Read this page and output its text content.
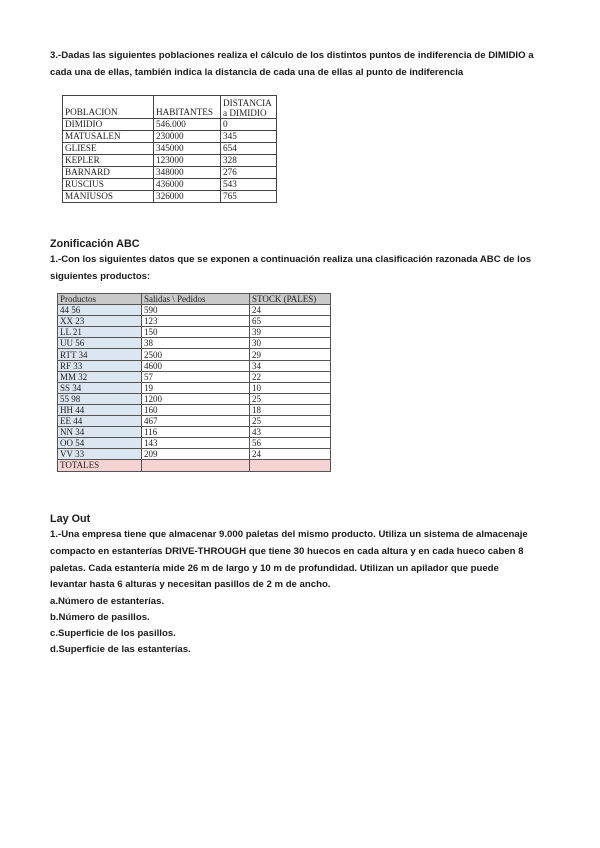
3.-Dadas las siguientes poblaciones realiza el cálculo de los distintos puntos de indiferencia de DIMIDIO a

cada una de ellas, también indica la distancia de cada una de ellas al punto de indiferencia

POBLACION	HABITANTES	DISTANCIA
a DIMIDIO
DIMIDIO	546.000	0
MATUSALEN	230000	345
GLIESE	345000	654
KEPLER	123000	328
BARNARD	348000	276
RUSCIUS	436000	543
MANIUSOS	326000	765

Zonificación ABC

1.-Con los siguientes datos que se exponen a continuación realiza una clasificación razonada ABC de los

siguientes productos:

Productos	Salidas \ Pedidos	STOCK (PALES)
44 56	590	24
XX 23	123	65
LL 21	150	39
UU 56	38	30
RTT 34	2500	29
RF 33	4600	34
MM 32	57	22
SS 34	19	10
55 98	1200	25
HH 44	160	18
EE 44	467	25
NN 34	116	43
OO 54	143	56
VV 33	209	24
TOTALES		

Lay Out

1.-Una empresa tiene que almacenar 9.000 paletas del mismo producto. Utiliza un sistema de almacenaje

compacto en estanterías DRIVE-THROUGH que tiene 30 huecos en cada altura y en cada hueco caben 8

paletas. Cada estantería mide 26 m de largo y 10 m de profundidad. Utilizan un apilador que puede

levantar hasta 6 alturas y necesitan pasillos de 2 m de ancho.

a.Número de estanterías.

b.Número de pasillos.

c.Superficie de los pasillos.

d.Superficie de las estanterías.
